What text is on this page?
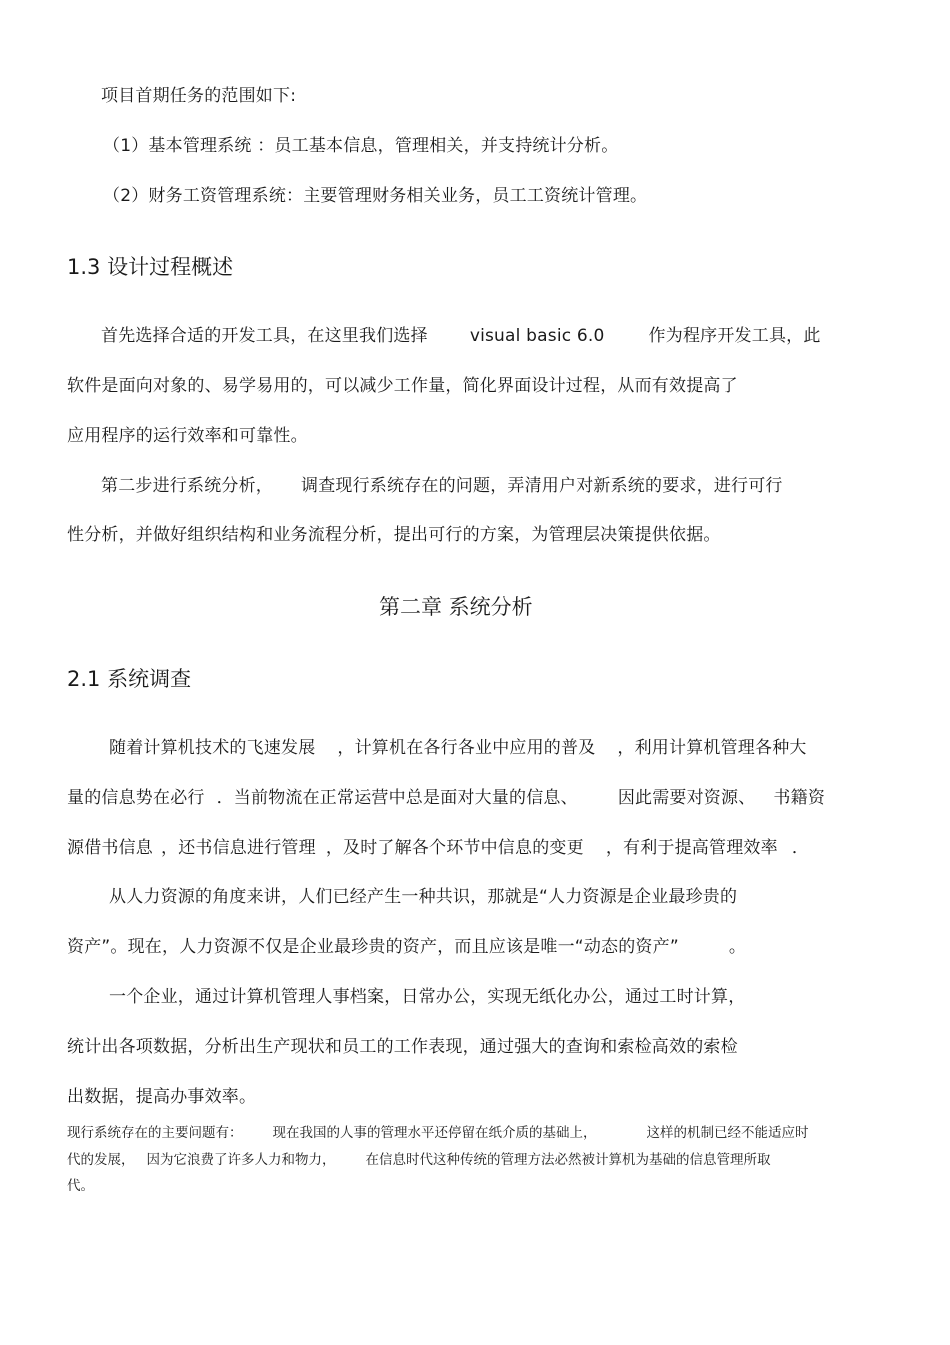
项目首期任务的范围如下:
（1）基本管理系统 ：员工基本信息，管理相关，并支持统计分析。
（2）财务工资管理系统：主要管理财务相关业务，员工工资统计管理。
1.3 设计过程概述
首先选择合适的开发工具，在这里我们选择 visual basic 6.0	作为程序开发工具，此
软件是面向对象的、易学易用的，可以减少工作量，简化界面设计过程，从而有效提高了
应用程序的运行效率和可靠性。
第二步进行系统分析， 调查现行系统存在的问题，弄清用户对新系统的要求，进行可行
性分析，并做好组织结构和业务流程分析，提出可行的方案，为管理层决策提供依据。
第二章 系统分析
2.1 系统调查
随着计算机技术的飞速发展 ，计算机在各行各业中应用的普及 ，利用计算机管理各种大
量的信息势在必行 ．当前物流在正常运营中总是面对大量的信息、 因此需要对资源、 书籍资
源借书信息 ，还书信息进行管理 ，及时了解各个环节中信息的变更 ，有利于提高管理效率 ．
从人力资源的角度来讲，人们已经产生一种共识，那就是“人力资源是企业最珍贵的
资产”。现在，人力资源不仅是企业最珍贵的资产，而且应该是唯一“动态的资产”	。
一个企业，通过计算机管理人事档案，日常办公，实现无纸化办公，通过工时计算，
统计出各项数据，分析出生产现状和员工的工作表现，通过强大的查询和索检高效的索检
出数据，提高办事效率。
现行系统存在的主要问题有： 现在我国的人事的管理水平还停留在纸介质的基础上，	这样的机制已经不能适应时
代的发展， 因为它浪费了许多人力和物力， 在信息时代这种传统的管理方法必然被计算机为基础的信息管理所取
代。
